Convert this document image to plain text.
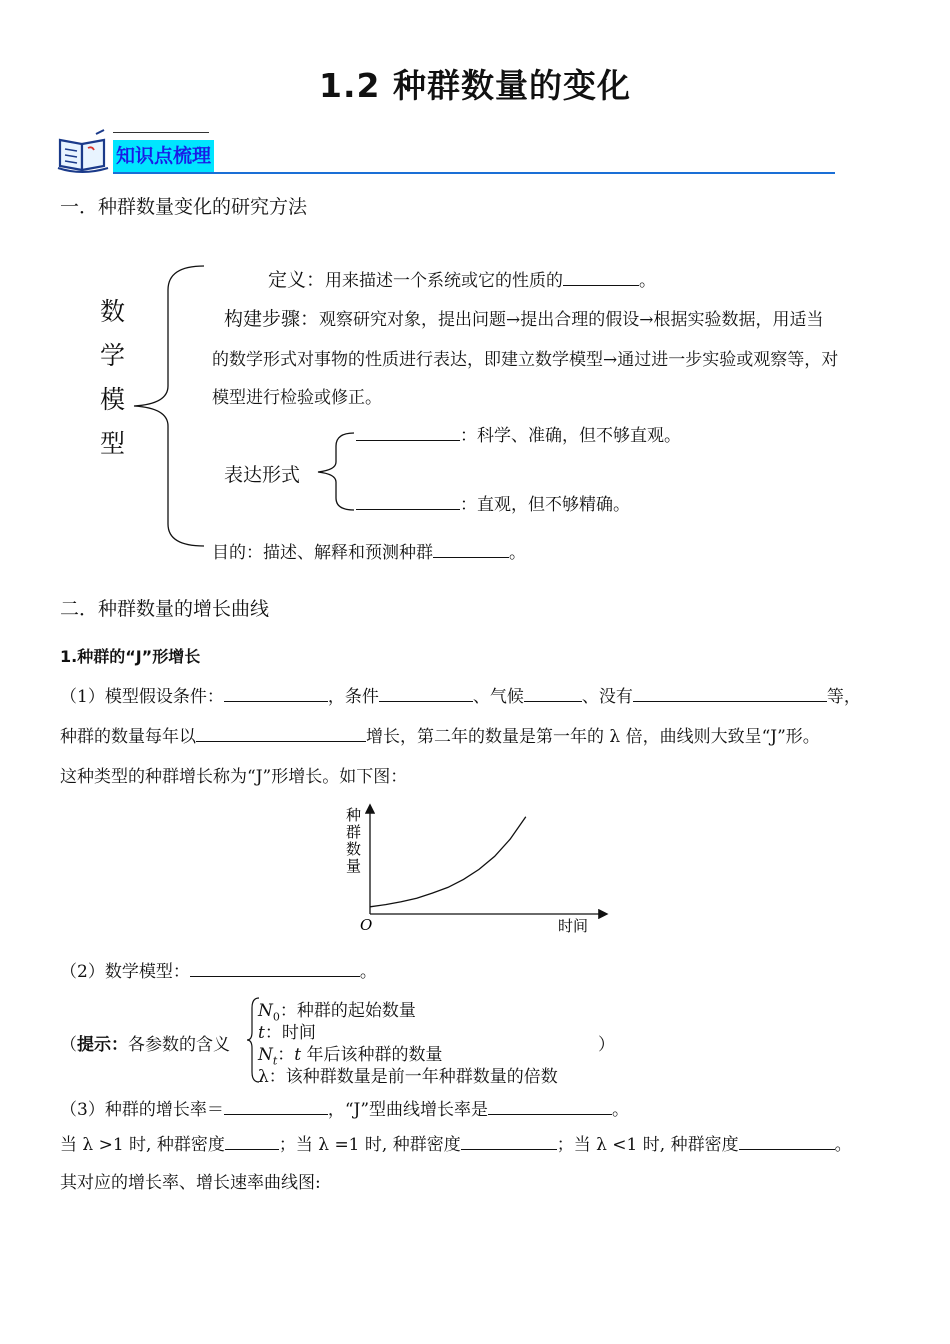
1.2 种群数量的变化
知识点梳理
一．种群数量变化的研究方法
数
学
模
型
定义：用来描述一个系统或它的性质的	。
构建步骤：观察研究对象，提出问题→提出合理的假设→根据实验数据，用适当
的数学形式对事物的性质进行表达，即建立数学模型→通过进一步实验或观察等，对
模型进行检验或修正。
表达形式
：科学、准确，但不够直观。
：直观，但不够精确。
目的：描述、解释和预测种群	。
二．种群数量的增长曲线
1.种群的“J”形增长
（1）模型假设条件：	，条件	、气候	、没有	等，
种群的数量每年以	增长，第二年的数量是第一年的 λ 倍，曲线则大致呈“J”形。
这种类型的种群增长称为“J”形增长。如下图：
种
群
数
量
O	时间
（2）数学模型：	。
（提示：各参数的含义
$N_0$：种群的起始数量
t：时间
$N_t$：t 年后该种群的数量
λ：该种群数量是前一年种群数量的倍数
）
（3）种群的增长率＝	，“J”型曲线增长率是	。
当 λ >1 时, 种群密度	；当 λ =1 时, 种群密度	；当 λ <1 时, 种群密度	。
其对应的增长率、增长速率曲线图:
